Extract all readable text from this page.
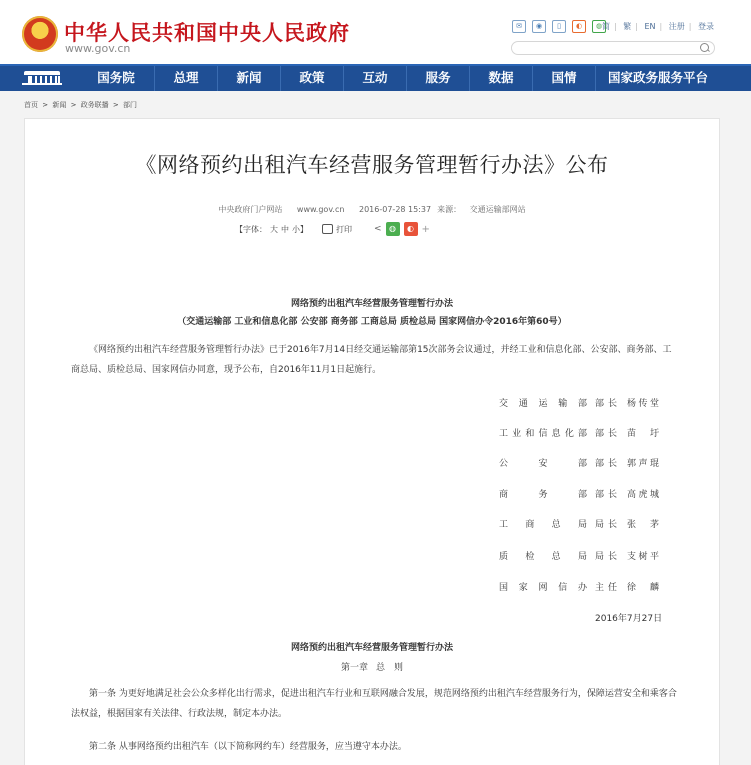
★
中华人民共和国中央人民政府
www.gov.cn
✉	◉	▯	◐	◍ 简 | 繁 | EN | 注册 | 登录
国务院	总理	新闻	政策	互动	服务	数据	国情	国家政务服务平台
首页 > 新闻 > 政务联播 > 部门
《网络预约出租汽车经营服务管理暂行办法》公布
中央政府门户网站 www.gov.cn 2016-07-28 15:37 来源： 交通运输部网站
【字体： 大 中 小 】	打印 < ◍	◐ +
网络预约出租汽车经营服务管理暂行办法
（交通运输部 工业和信息化部 公安部 商务部 工商总局 质检总局 国家网信办令2016年第60号）
《网络预约出租汽车经营服务管理暂行办法》已于2016年7月14日经交通运输部第15次部务会议通过，并经工业和信息化部、公安部、商务部、工商总局、质检总局、国家网信办同意，现予公布，自2016年11月1日起施行。
交通运输部 部长 杨传堂
工业和信息化部 部长 苗圩
公安部 部长 郭声琨
商务部 部长 高虎城
工商总局 局长 张茅
质检总局 局长 支树平
国家网信办 主任 徐麟
2016年7月27日
网络预约出租汽车经营服务管理暂行办法
第一章 总　则
第一条 为更好地满足社会公众多样化出行需求，促进出租汽车行业和互联网融合发展，规范网络预约出租汽车经营服务行为，保障运营安全和乘客合法权益，根据国家有关法律、行政法规，制定本办法。
第二条 从事网络预约出租汽车（以下简称网约车）经营服务，应当遵守本办法。
